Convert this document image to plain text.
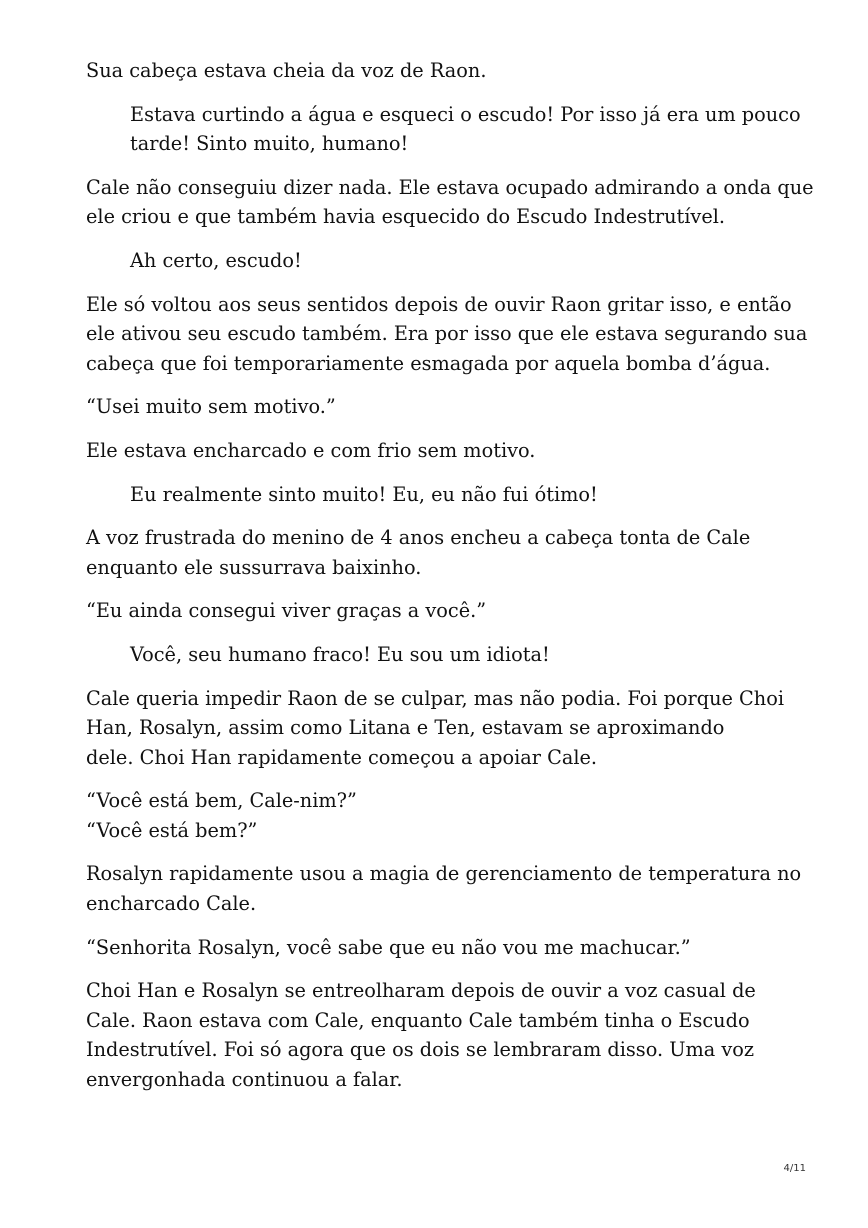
Sua cabeça estava cheia da voz de Raon.

Estava curtindo a água e esqueci o escudo! Por isso já era um pouco
tarde! Sinto muito, humano!

Cale não conseguiu dizer nada. Ele estava ocupado admirando a onda que
ele criou e que também havia esquecido do Escudo Indestrutível.

Ah certo, escudo!

Ele só voltou aos seus sentidos depois de ouvir Raon gritar isso, e então
ele ativou seu escudo também. Era por isso que ele estava segurando sua
cabeça que foi temporariamente esmagada por aquela bomba d’água.

“Usei muito sem motivo.”

Ele estava encharcado e com frio sem motivo.

Eu realmente sinto muito! Eu, eu não fui ótimo!

A voz frustrada do menino de 4 anos encheu a cabeça tonta de Cale
enquanto ele sussurrava baixinho.

“Eu ainda consegui viver graças a você.”

Você, seu humano fraco! Eu sou um idiota!

Cale queria impedir Raon de se culpar, mas não podia. Foi porque Choi
Han, Rosalyn, assim como Litana e Ten, estavam se aproximando
dele. Choi Han rapidamente começou a apoiar Cale.

“Você está bem, Cale-nim?”
“Você está bem?”

Rosalyn rapidamente usou a magia de gerenciamento de temperatura no
encharcado Cale.

“Senhorita Rosalyn, você sabe que eu não vou me machucar.”

Choi Han e Rosalyn se entreolharam depois de ouvir a voz casual de
Cale. Raon estava com Cale, enquanto Cale também tinha o Escudo
Indestrutível. Foi só agora que os dois se lembraram disso. Uma voz
envergonhada continuou a falar.

4/11
